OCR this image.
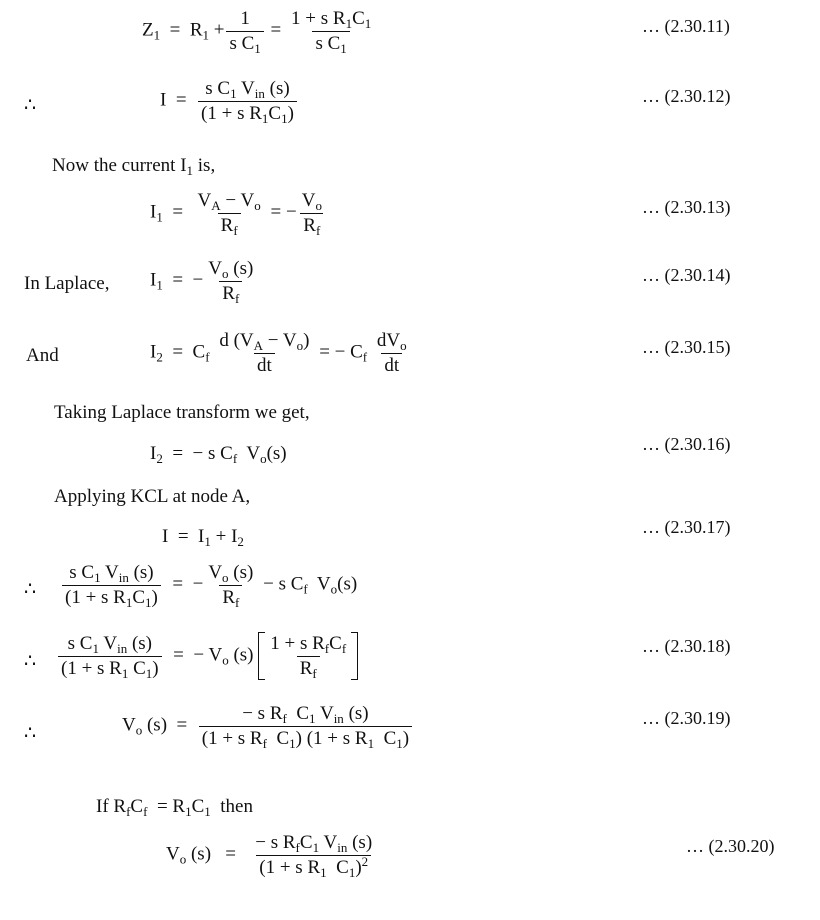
$Z_1 = R_1 + \frac{1}{s C_1} = \frac{1 + s R_1C_1}{s C_1}$	… (2.30.11)
∴	$I = \frac{s C_1 V_{in} (s)}{(1 + s R_1C_1)}$	… (2.30.12)
Now the current $I_1$ is,
$I_1 = \frac{V_A - V_o}{R_f}$ = − $\frac{V_o}{R_f}$	… (2.30.13)
In Laplace, $I_1$  =  − $\frac{V_o (s)}{R_f}$	… (2.30.14)
And	$I_2 = C_f \frac{d (V_A - V_o)}{dt}$ = − $C_f \frac{dV_o}{dt}$	… (2.30.15)
Taking Laplace transform we get,
$I_2$  =  − s $C_f$  $V_o(s)$	… (2.30.16)
Applying KCL at node A,
$I = I_1 + I_2$
… (2.30.17)
∴ $\frac{s C_1 V_{in} (s)}{(1 + s R_1C_1)}$ =  − $\frac{V_o (s)}{R_f} - s$ $C_f$  $V_o(s)$
∴ $\frac{s C_1 V_{in} (s)}{(1 + s R_1 C_1)}$ =  − $V_o$ $(s) \frac{1 + s R_fC_f}{R_f}$	… (2.30.18)
∴	$V_o$ $(s) = \frac{- s R_f C_1 V_{in} (s)}{(1 + s R_f C_1) (1 + s R_1 C_1)}$	… (2.30.19)
If $R_fC_f = R_1C_1$  then
$V_o$ $(s) = \frac{- s R_fC_1 V_{in} (s)}{(1 + s R_1 C_1)^2}$	… (2.30.20)
